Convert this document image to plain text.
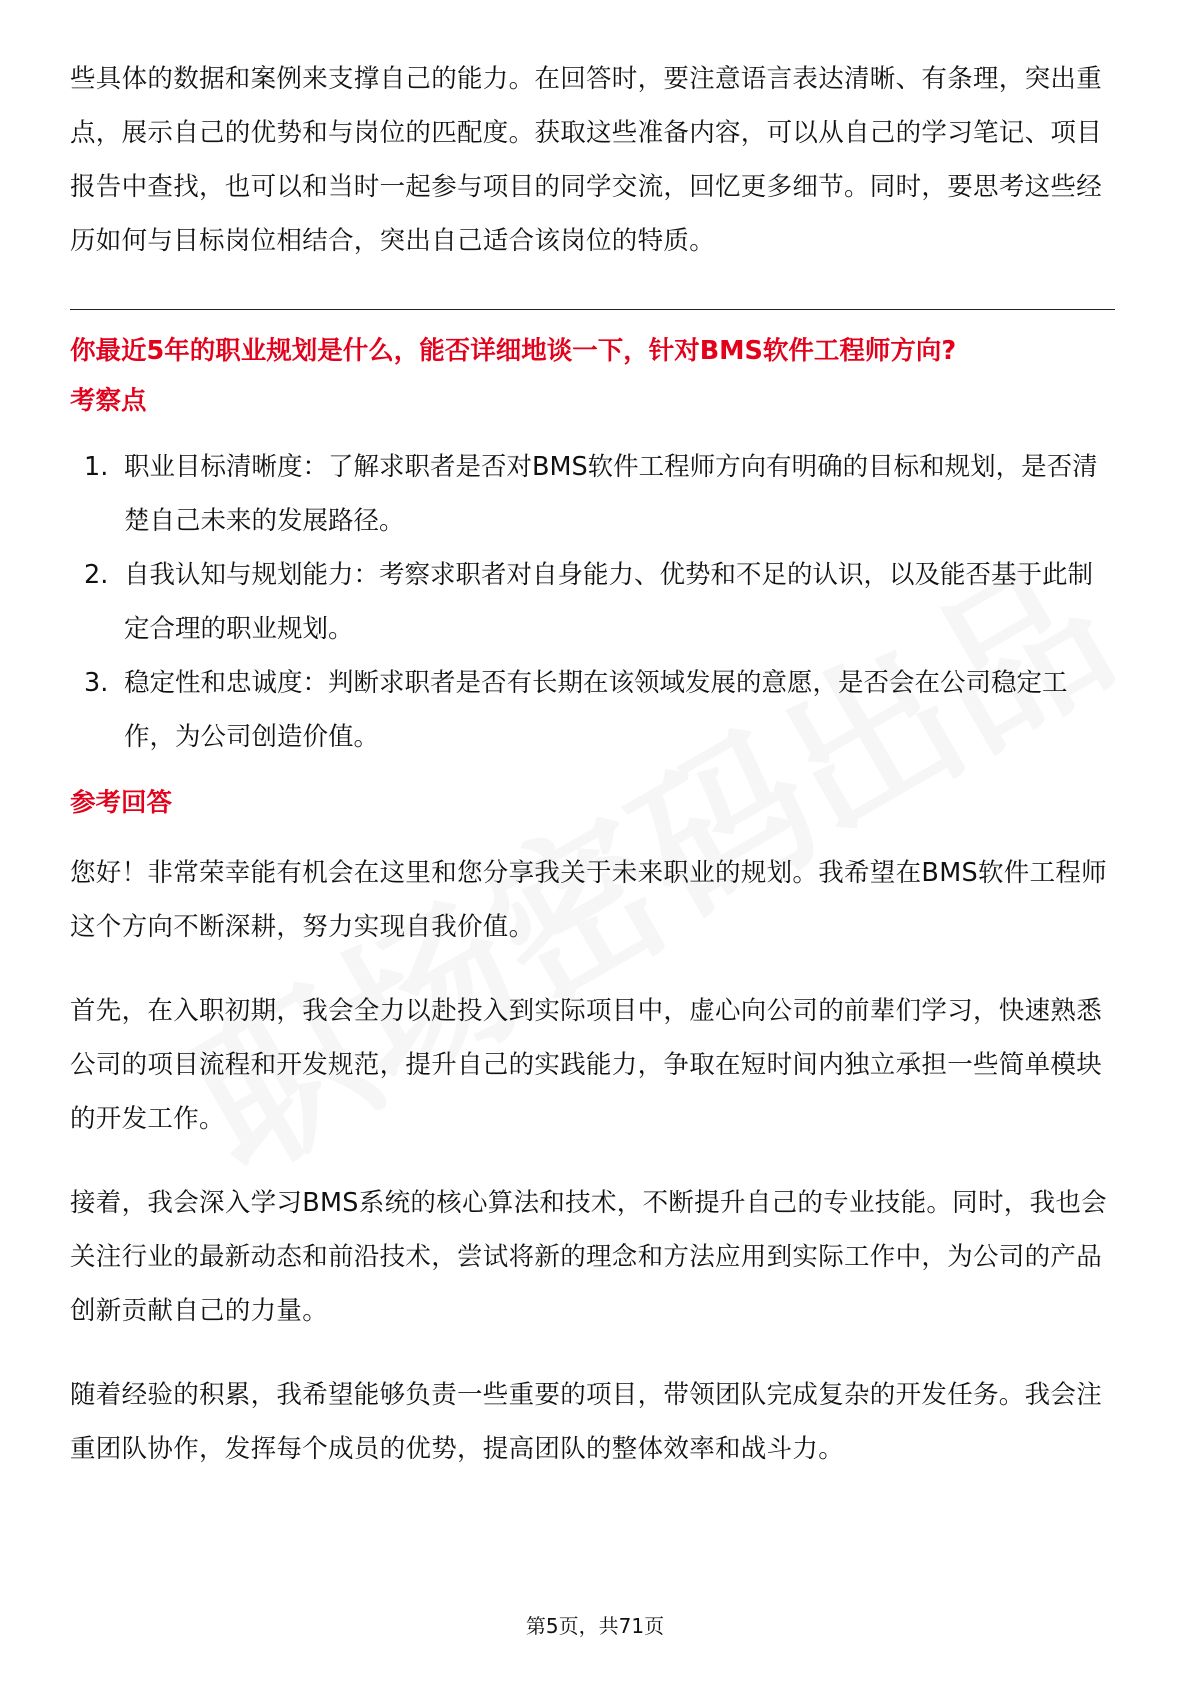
些具体的数据和案例来支撑自己的能力。在回答时，要注意语言表达清晰、有条理，突出重点，展示自己的优势和与岗位的匹配度。获取这些准备内容，可以从自己的学习笔记、项目报告中查找，也可以和当时一起参与项目的同学交流，回忆更多细节。同时，要思考这些经历如何与目标岗位相结合，突出自己适合该岗位的特质。

你最近5年的职业规划是什么，能否详细地谈一下，针对BMS软件工程师方向?

考察点

1. 职业目标清晰度：了解求职者是否对BMS软件工程师方向有明确的目标和规划，是否清楚自己未来的发展路径。
2. 自我认知与规划能力：考察求职者对自身能力、优势和不足的认识，以及能否基于此制定合理的职业规划。
3. 稳定性和忠诚度：判断求职者是否有长期在该领域发展的意愿，是否会在公司稳定工作，为公司创造价值。

参考回答

您好！非常荣幸能有机会在这里和您分享我关于未来职业的规划。我希望在BMS软件工程师这个方向不断深耕，努力实现自我价值。

首先，在入职初期，我会全力以赴投入到实际项目中，虚心向公司的前辈们学习，快速熟悉公司的项目流程和开发规范，提升自己的实践能力，争取在短时间内独立承担一些简单模块的开发工作。

接着，我会深入学习BMS系统的核心算法和技术，不断提升自己的专业技能。同时，我也会关注行业的最新动态和前沿技术，尝试将新的理念和方法应用到实际工作中，为公司的产品创新贡献自己的力量。

随着经验的积累，我希望能够负责一些重要的项目，带领团队完成复杂的开发任务。我会注重团队协作，发挥每个成员的优势，提高团队的整体效率和战斗力。

第5页，共71页
